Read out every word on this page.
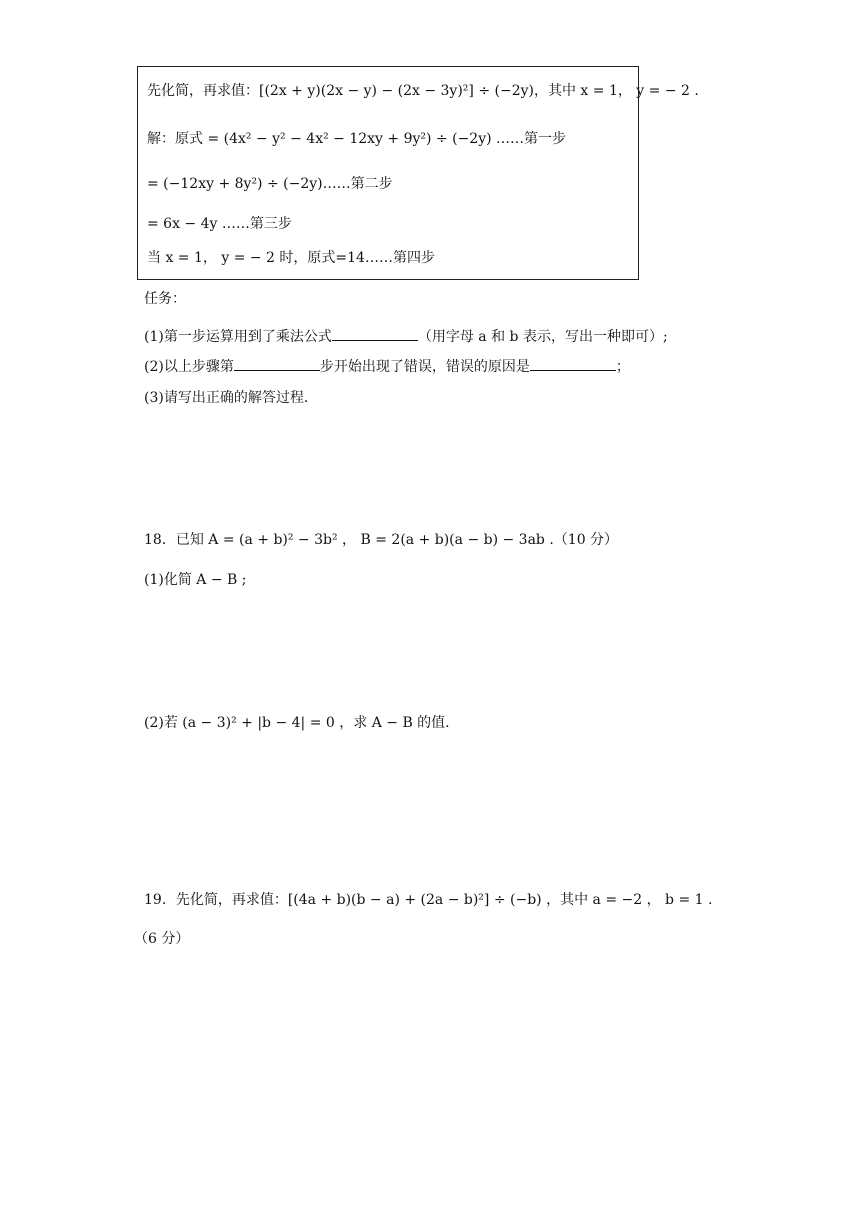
先化简，再求值：[(2x + y)(2x − y) − (2x − 3y)²] ÷ (−2y)，其中 x = 1， y = − 2 .
解：原式 = (4x² − y² − 4x² − 12xy + 9y²) ÷ (−2y) ……第一步
= (−12xy + 8y²) ÷ (−2y)……第二步
= 6x − 4y ……第三步
当 x = 1， y = − 2 时，原式=14……第四步
任务：
(1)第一步运算用到了乘法公式	（用字母 a 和 b 表示，写出一种即可）;
(2)以上步骤第	步开始出现了错误，错误的原因是	；
(3)请写出正确的解答过程.
18．已知 A = (a + b)² − 3b² ， B = 2(a + b)(a − b) − 3ab .（10 分）
(1)化简 A − B ;
(2)若 (a − 3)² + |b − 4| = 0 ，求 A − B 的值.
19．先化简，再求值：[(4a + b)(b − a) + (2a − b)²] ÷ (−b) ，其中 a = −2 ， b = 1 .
（6 分）
